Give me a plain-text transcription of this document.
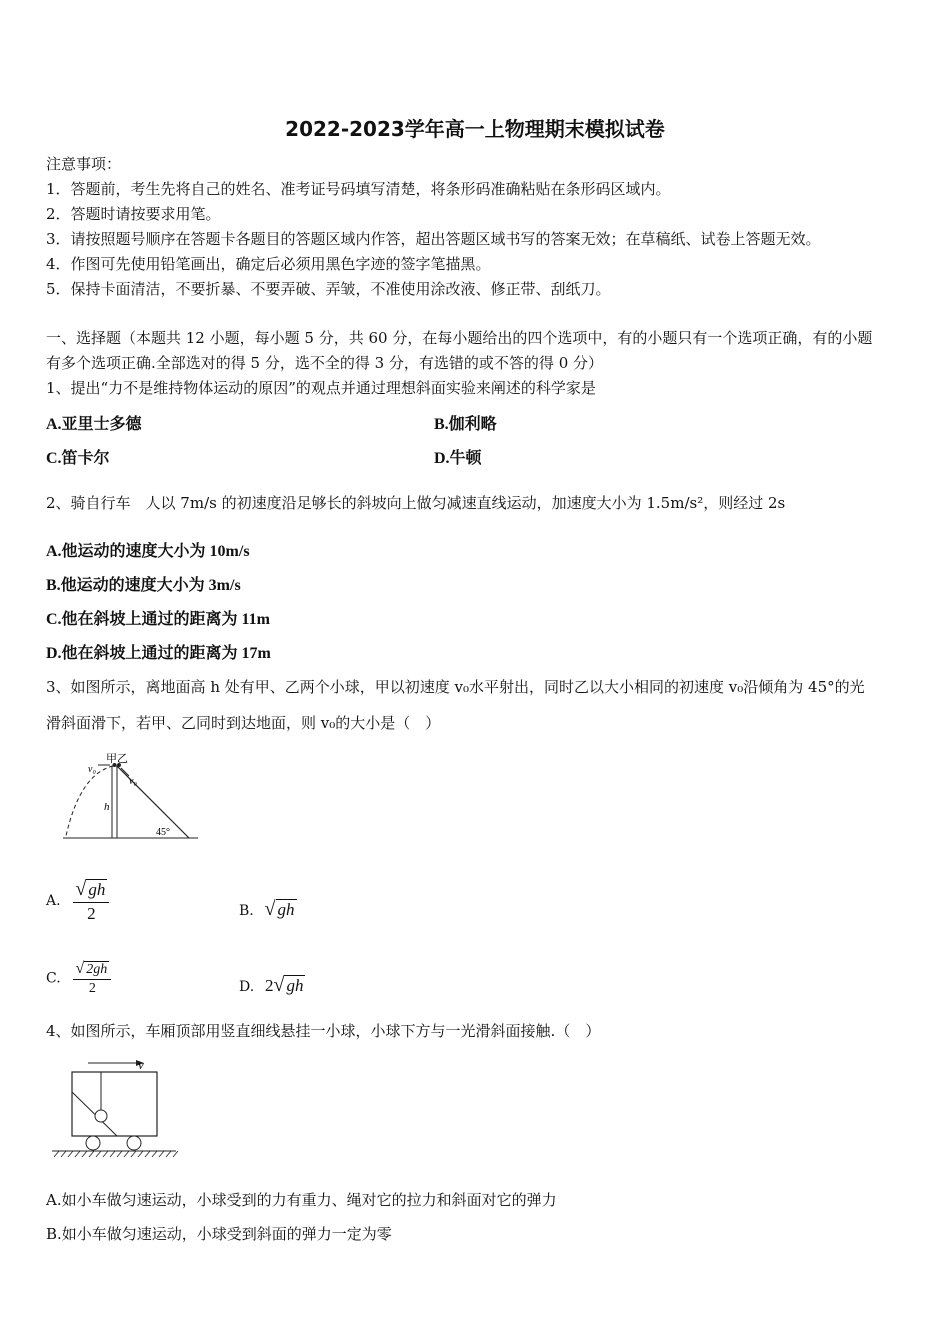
2022-2023学年高一上物理期末模拟试卷
注意事项：
1．答题前，考生先将自己的姓名、准考证号码填写清楚，将条形码准确粘贴在条形码区域内。
2．答题时请按要求用笔。
3．请按照题号顺序在答题卡各题目的答题区域内作答，超出答题区域书写的答案无效；在草稿纸、试卷上答题无效。
4．作图可先使用铅笔画出，确定后必须用黑色字迹的签字笔描黑。
5．保持卡面清洁，不要折暴、不要弄破、弄皱，不准使用涂改液、修正带、刮纸刀。
一、选择题（本题共 12 小题，每小题 5 分，共 60 分，在每小题给出的四个选项中，有的小题只有一个选项正确，有的小题
有多个选项正确.全部选对的得 5 分，选不全的得 3 分，有选错的或不答的得 0 分）
1、提出“力不是维持物体运动的原因”的观点并通过理想斜面实验来阐述的科学家是
A.亚里士多德	B.伽利略
C.笛卡尔	D.牛顿
2、骑自行车　人以 7m/s 的初速度沿足够长的斜坡向上做匀减速直线运动，加速度大小为 1.5m/s²，则经过 2s
A.他运动的速度大小为 10m/s
B.他运动的速度大小为 3m/s
C.他在斜坡上通过的距离为 11m
D.他在斜坡上通过的距离为 17m
3、如图所示，离地面高 h 处有甲、乙两个小球，甲以初速度 v₀水平射出，同时乙以大小相同的初速度 v₀沿倾角为 45°的光
滑斜面滑下，若甲、乙同时到达地面，则 v₀的大小是（　）
甲乙
v₀
v₀
h
45°
A. $\frac{√ gh}{2}$	B. √ gh
C. $\frac{√ 2gh}{2}$	D. 2√ gh
4、如图所示，车厢顶部用竖直细线悬挂一小球，小球下方与一光滑斜面接触.（　）
v
A.如小车做匀速运动，小球受到的力有重力、绳对它的拉力和斜面对它的弹力
B.如小车做匀速运动，小球受到斜面的弹力一定为零
